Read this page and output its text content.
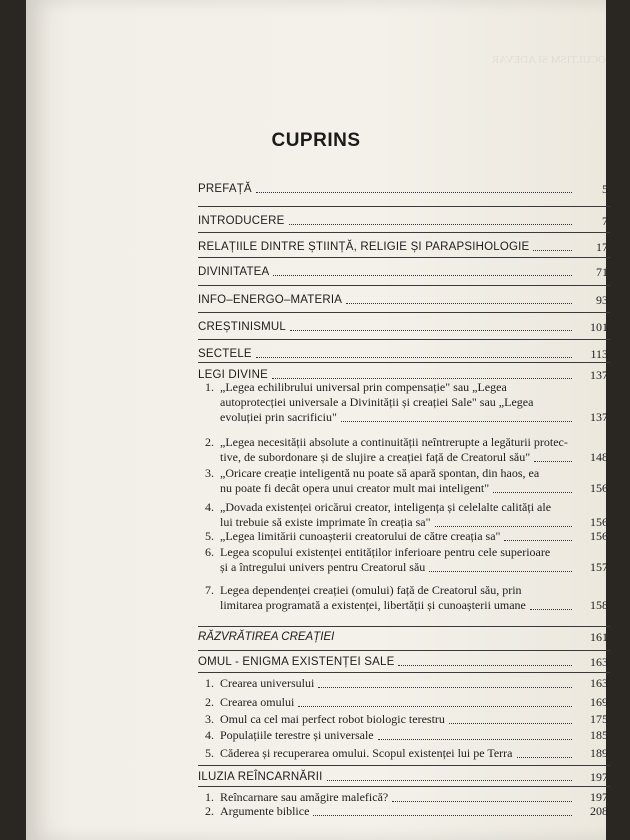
OCULTISM SI ADEVAR
CUPRINS
PREFAȚĂ	5
INTRODUCERE	7
RELAȚIILE DINTRE ȘTIINȚĂ, RELIGIE ȘI PARAPSIHOLOGIE	17
DIVINITATEA	71
INFO–ENERGO–MATERIA	93
CREȘTINISMUL	101
SECTELE	113
LEGI DIVINE	137
1. „Legea echilibrului universal prin compensație" sau „Legea
autoprotecției universale a Divinității și creației Sale" sau „Legea
evoluției prin sacrificiu"	137
2. „Legea necesității absolute a continuității neîntrerupte a legăturii protec-
tive, de subordonare și de slujire a creației față de Creatorul său"	148
3. „Oricare creație inteligentă nu poate să apară spontan, din haos, ea
nu poate fi decât opera unui creator mult mai inteligent"	156
4. „Dovada existenței oricărui creator, inteligența și celelalte calități ale
lui trebuie să existe imprimate în creația sa"	156
5. „Legea limitării cunoașterii creatorului de către creația sa"	156
6. Legea scopului existenței entităților inferioare pentru cele superioare
și a întregului univers pentru Creatorul său	157
7. Legea dependenței creației (omului) față de Creatorul său, prin
limitarea programată a existenței, libertății și cunoașterii umane	158
RĂZVRĂTIREA CREAȚIEI	161
OMUL - ENIGMA EXISTENȚEI SALE	163
1. Crearea universului	163
2. Crearea omului	169
3. Omul ca cel mai perfect robot biologic terestru	175
4. Populațiile terestre și universale	185
5. Căderea și recuperarea omului. Scopul existenței lui pe Terra	189
ILUZIA REÎNCARNĂRII	197
1. Reîncarnare sau amăgire malefică?	197
2. Argumente biblice	208
